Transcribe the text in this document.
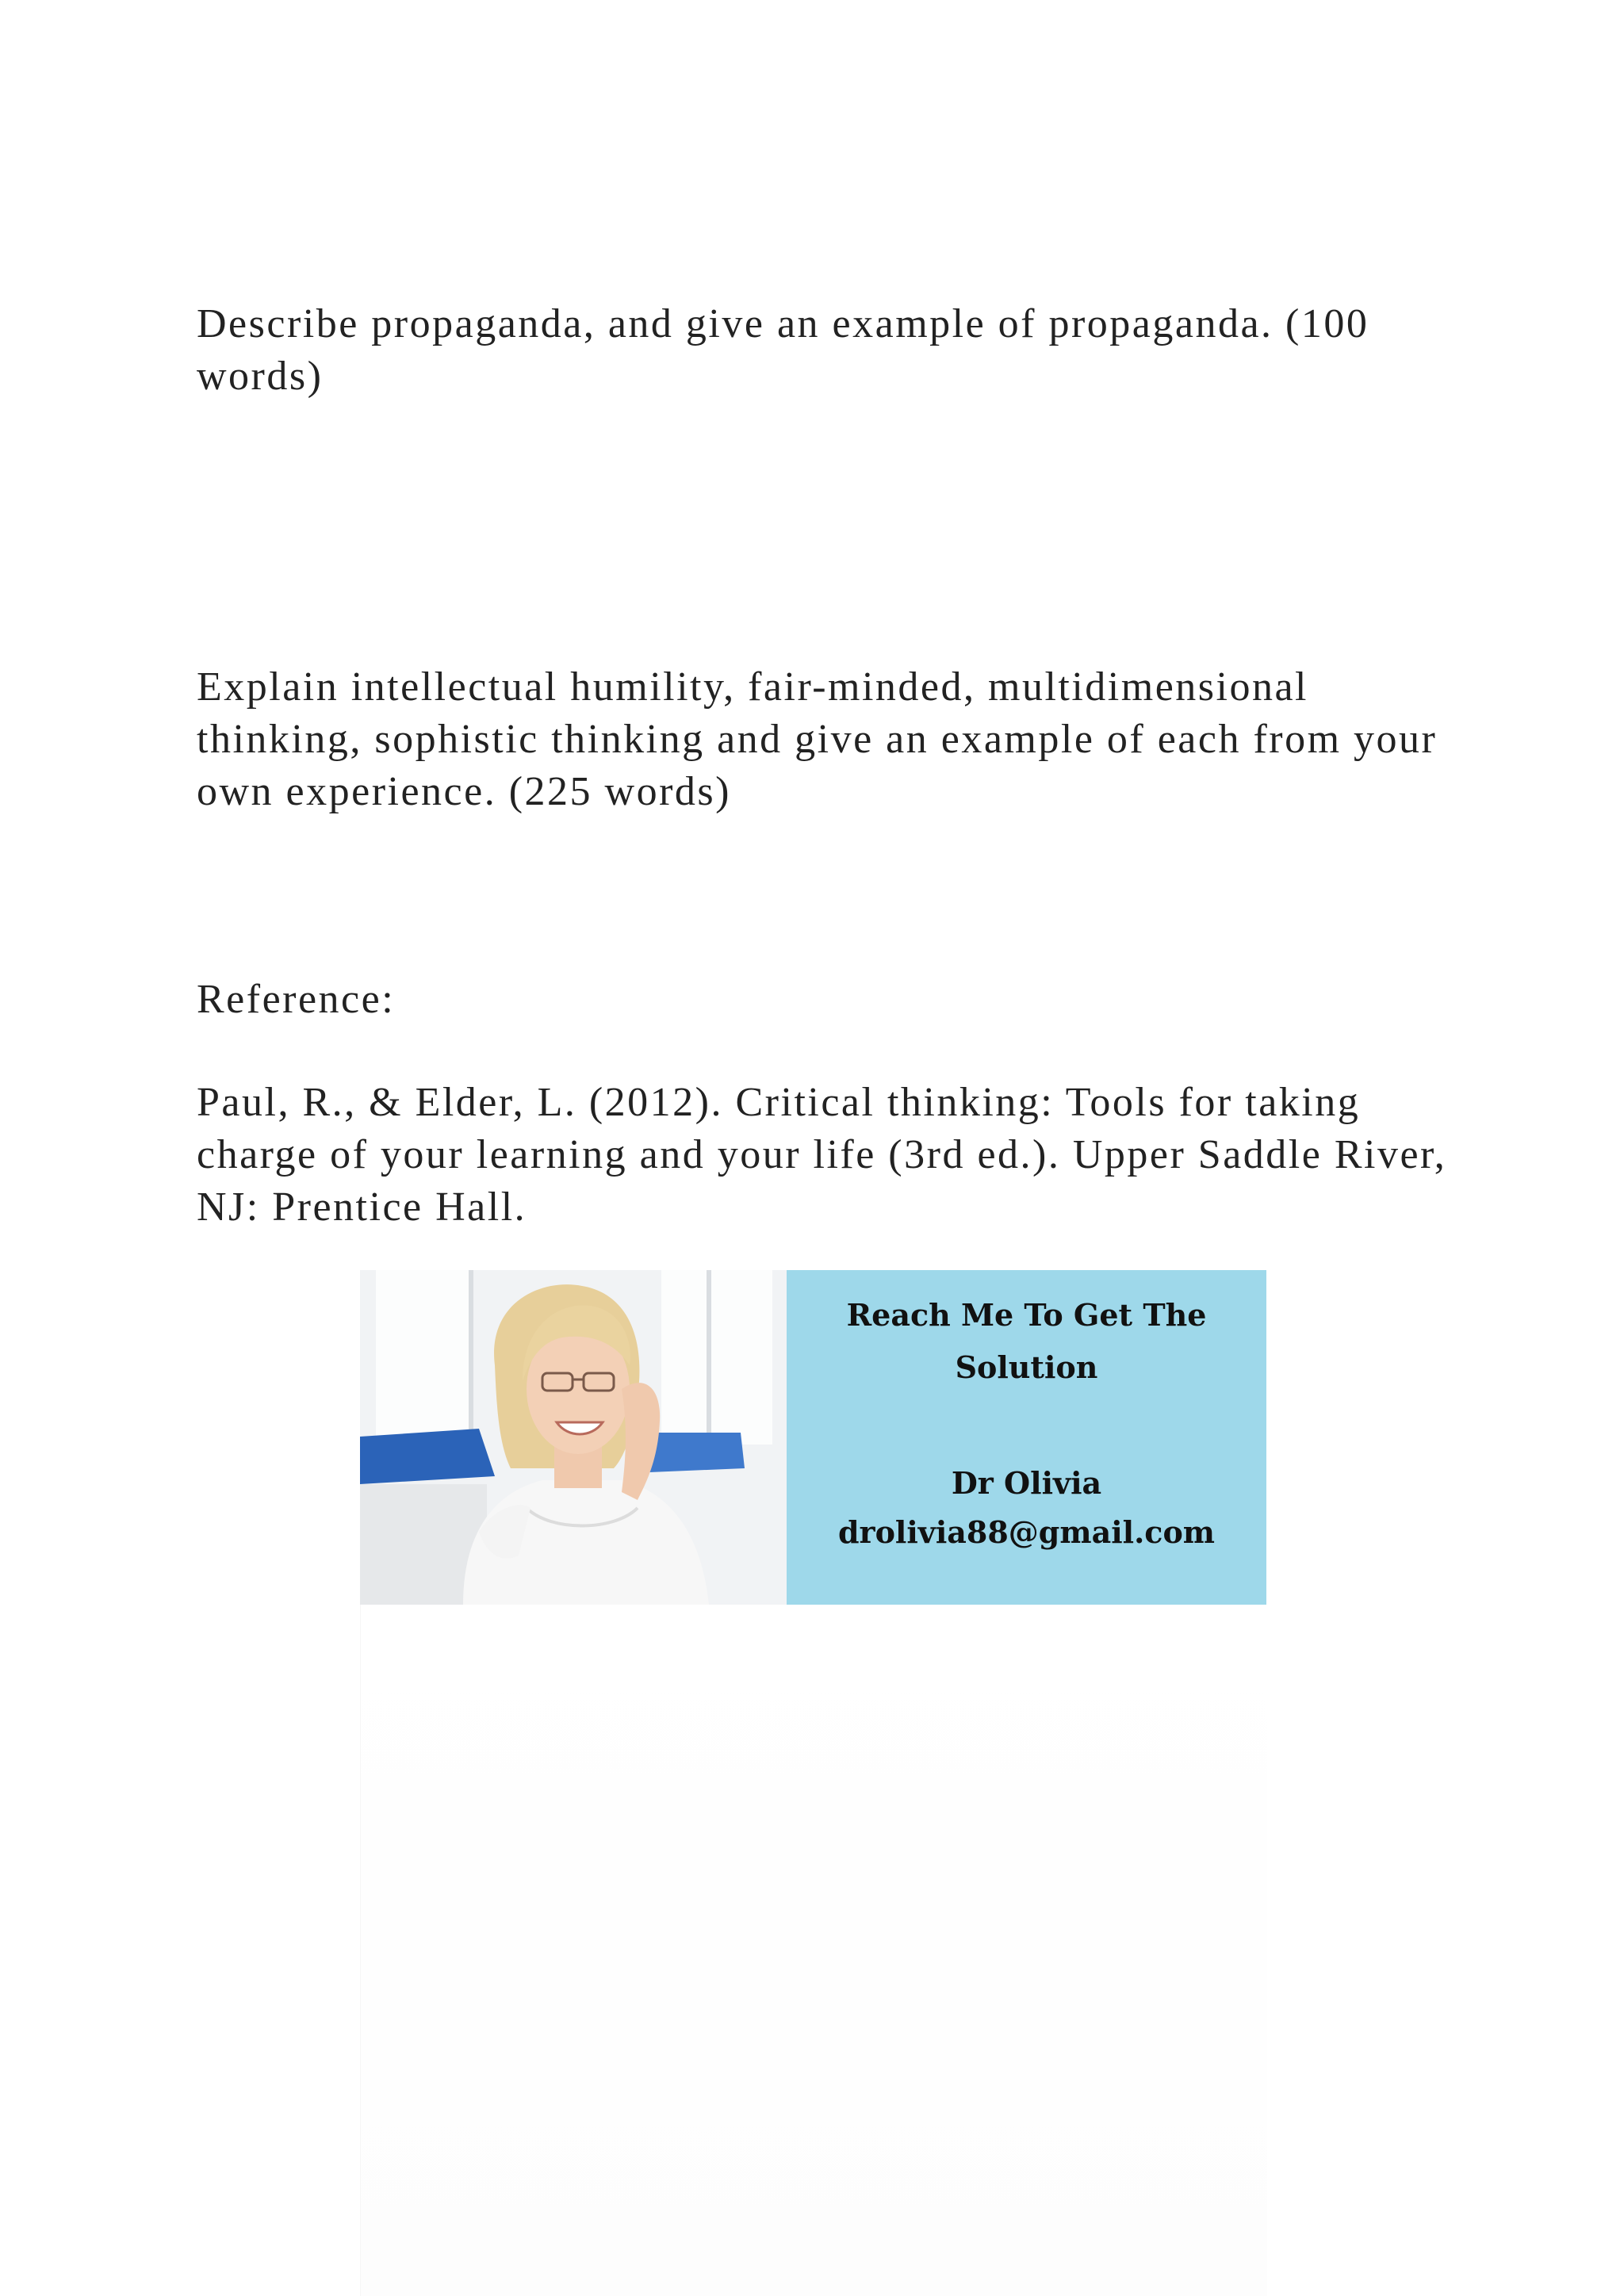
Describe propaganda, and give an example of propaganda. (100 words)

Explain intellectual humility, fair-minded, multidimensional thinking, sophistic thinking and give an example of each from your own experience. (225 words)

Reference:

Paul, R., & Elder, L. (2012). Critical thinking: Tools for taking charge of your learning and your life (3rd ed.). Upper Saddle River, NJ: Prentice Hall.

Reach Me To Get The
Solution
Dr Olivia
drolivia88@gmail.com
